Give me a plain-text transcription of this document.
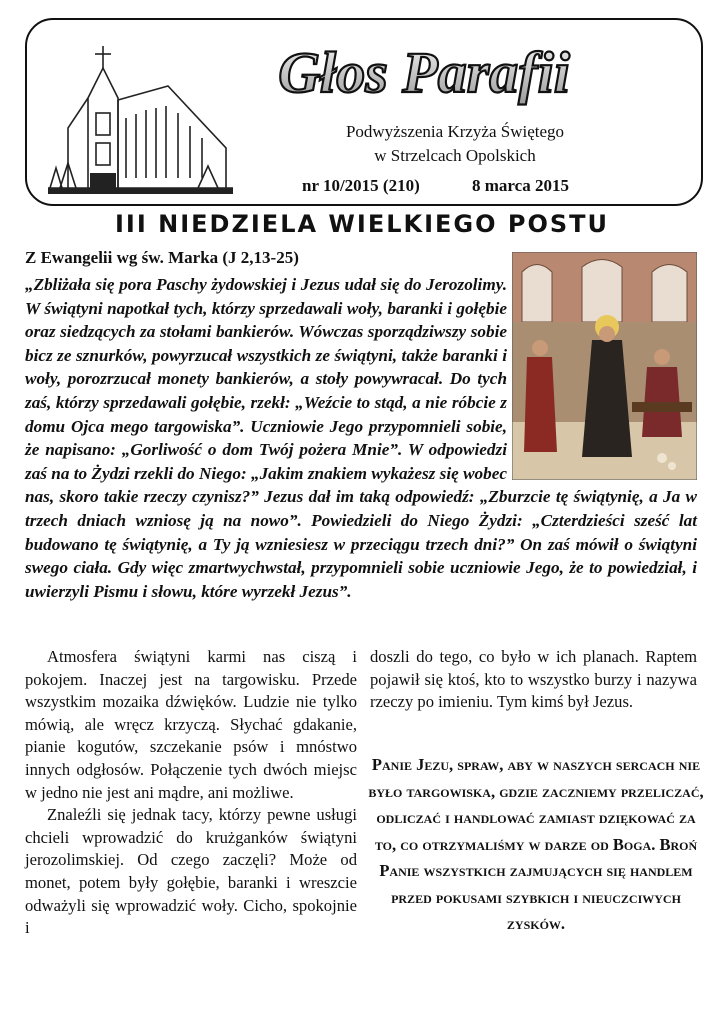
Głos Parafii
Podwyższenia Krzyża Świętego
w Strzelcach Opolskich
nr 10/2015 (210)	8 marca 2015
III NIEDZIELA WIELKIEGO POSTU
Z Ewangelii wg św. Marka (J 2,13-25)

„Zbliżała się pora Paschy żydowskiej i Jezus udał się do Jerozolimy. W świątyni napotkał tych, którzy sprzedawali woły, baranki i gołębie oraz siedzących za stołami bankierów. Wówczas sporządziwszy sobie bicz ze sznurków, powyrzucał wszystkich ze świątyni, także baranki i woły, porozrzucał monety bankierów, a stoły powywracał. Do tych zaś, którzy sprzedawali gołębie, rzekł: „Weźcie to stąd, a nie róbcie z domu Ojca mego targowiska”. Uczniowie Jego przypomnieli sobie, że napisano: „Gorliwość o dom Twój pożera Mnie”. W odpowiedzi zaś na to Żydzi rzekli do Niego: „Jakim znakiem wykażesz się wobec nas, skoro takie rzeczy czynisz?” Jezus dał im taką odpowiedź: „Zburzcie tę świątynię, a Ja w trzech dniach wzniosę ją na nowo”. Powiedzieli do Niego Żydzi: „Czterdzieści sześć lat budowano tę świątynię, a Ty ją wzniesiesz w przeciągu trzech dni?” On zaś mówił o świątyni swego ciała. Gdy więc zmartwychwstał, przypomnieli sobie uczniowie Jego, że to powiedział, i uwierzyli Pismu i słowu, które wyrzekł Jezus”.

Atmosfera świątyni karmi nas ciszą i pokojem. Inaczej jest na targowisku. Przede wszystkim mozaika dźwięków. Ludzie nie tylko mówią, ale wręcz krzyczą. Słychać gdakanie, pianie kogutów, szczekanie psów i mnóstwo innych odgłosów. Połączenie tych dwóch miejsc w jedno nie jest ani mądre, ani możliwe.

Znaleźli się jednak tacy, którzy pewne usługi chcieli wprowadzić do krużganków świątyni jerozolimskiej. Od czego zaczęli? Może od monet, potem były gołębie, baranki i wreszcie odważyli się wprowadzić woły. Cicho, spokojnie i

doszli do tego, co było w ich planach. Raptem pojawił się ktoś, kto to wszystko burzy i nazywa rzeczy po imieniu. Tym kimś był Jezus.

Panie Jezu, spraw, aby w naszych sercach nie było targowiska, gdzie zaczniemy przeliczać, odliczać i handlować zamiast dziękować za to, co otrzymaliśmy w darze od Boga. Broń Panie wszystkich zajmujących się handlem przed pokusami szybkich i nieuczciwych zysków.
